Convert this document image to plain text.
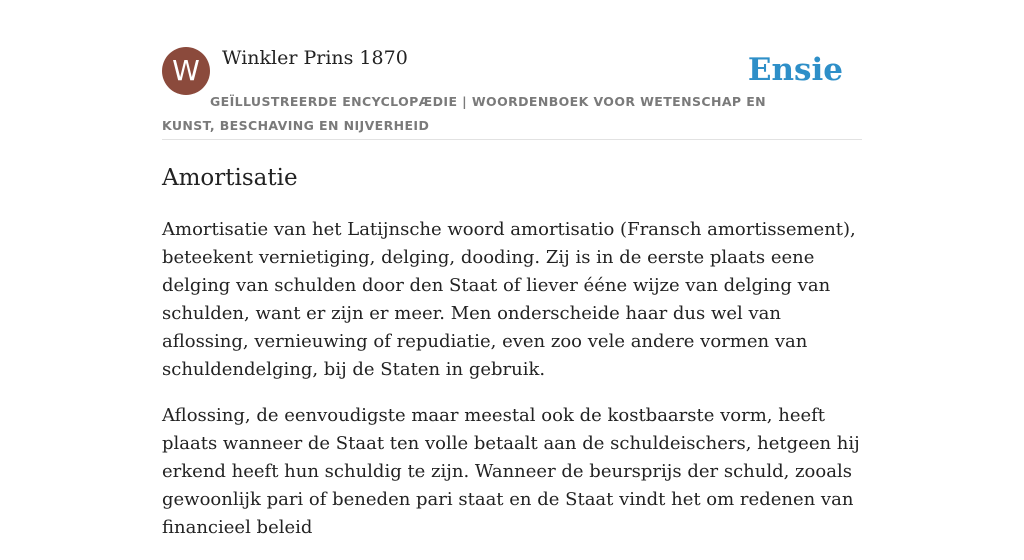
W	Winkler Prins 1870	Ensie
GEÏLLUSTREERDE ENCYCLOPÆDIE | WOORDENBOEK VOOR WETENSCHAP EN KUNST, BESCHAVING EN NIJVERHEID
Amortisatie

Amortisatie van het Latijnsche woord amortisatio (Fransch amortissement), beteekent vernietiging, delging, dooding. Zij is in de eerste plaats eene delging van schulden door den Staat of liever ééne wijze van delging van schulden, want er zijn er meer. Men onderscheide haar dus wel van aflossing, vernieuwing of repudiatie, even zoo vele andere vormen van schuldendelging, bij de Staten in gebruik.

Aflossing, de eenvoudigste maar meestal ook de kostbaarste vorm, heeft plaats wanneer de Staat ten volle betaalt aan de schuldeischers, hetgeen hij erkend heeft hun schuldig te zijn. Wanneer de beursprijs der schuld, zooals gewoonlijk pari of beneden pari staat en de Staat vindt het om redenen van financieel beleid
